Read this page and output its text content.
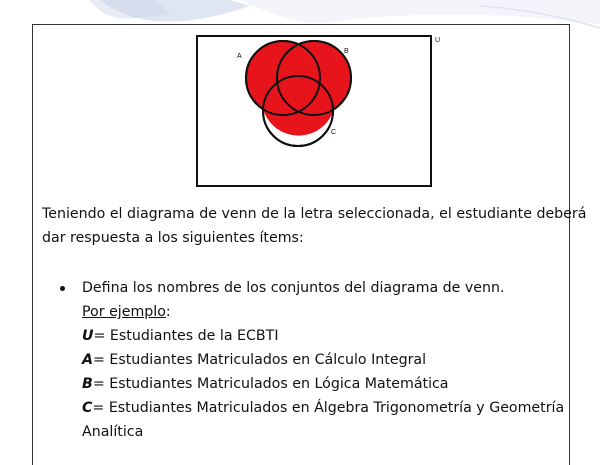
U
A
B
C

Teniendo el diagrama de venn de la letra seleccionada, el estudiante deberá
dar respuesta a los siguientes ítems:

Defina los nombres de los conjuntos del diagrama de venn.
Por ejemplo:
U= Estudiantes de la ECBTI
A= Estudiantes Matriculados en Cálculo Integral
B= Estudiantes Matriculados en Lógica Matemática
C= Estudiantes Matriculados en Álgebra Trigonometría y Geometría
Analítica
